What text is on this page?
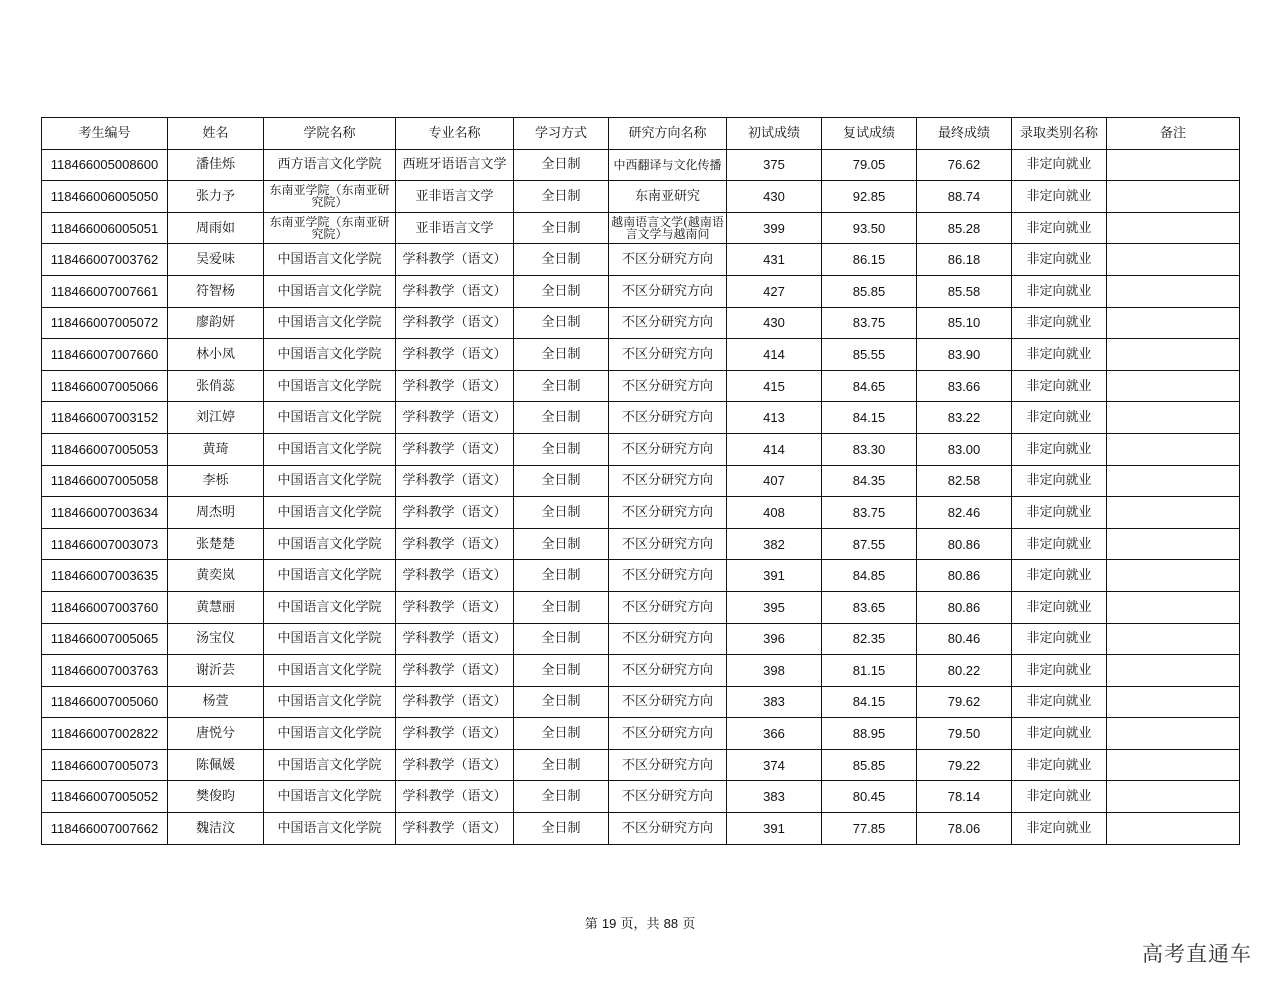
考生编号	姓名	学院名称	专业名称	学习方式	研究方向名称	初试成绩	复试成绩	最终成绩	录取类别名称	备注
118466005008600	潘佳烁	西方语言文化学院	西班牙语语言文学	全日制	中西翻译与文化传播	375	79.05	76.62	非定向就业	
118466006005050	张力予	东南亚学院（东南亚研究院）	亚非语言文学	全日制	东南亚研究	430	92.85	88.74	非定向就业	
118466006005051	周雨如	东南亚学院（东南亚研究院）	亚非语言文学	全日制	越南语言文学(越南语言文学与越南问	399	93.50	85.28	非定向就业	
118466007003762	吴爱味	中国语言文化学院	学科教学（语文）	全日制	不区分研究方向	431	86.15	86.18	非定向就业	
118466007007661	符智杨	中国语言文化学院	学科教学（语文）	全日制	不区分研究方向	427	85.85	85.58	非定向就业	
118466007005072	廖韵妍	中国语言文化学院	学科教学（语文）	全日制	不区分研究方向	430	83.75	85.10	非定向就业	
118466007007660	林小凤	中国语言文化学院	学科教学（语文）	全日制	不区分研究方向	414	85.55	83.90	非定向就业	
118466007005066	张俏蕊	中国语言文化学院	学科教学（语文）	全日制	不区分研究方向	415	84.65	83.66	非定向就业	
118466007003152	刘江婷	中国语言文化学院	学科教学（语文）	全日制	不区分研究方向	413	84.15	83.22	非定向就业	
118466007005053	黄琦	中国语言文化学院	学科教学（语文）	全日制	不区分研究方向	414	83.30	83.00	非定向就业	
118466007005058	李栎	中国语言文化学院	学科教学（语文）	全日制	不区分研究方向	407	84.35	82.58	非定向就业	
118466007003634	周杰明	中国语言文化学院	学科教学（语文）	全日制	不区分研究方向	408	83.75	82.46	非定向就业	
118466007003073	张楚楚	中国语言文化学院	学科教学（语文）	全日制	不区分研究方向	382	87.55	80.86	非定向就业	
118466007003635	黄奕岚	中国语言文化学院	学科教学（语文）	全日制	不区分研究方向	391	84.85	80.86	非定向就业	
118466007003760	黄慧丽	中国语言文化学院	学科教学（语文）	全日制	不区分研究方向	395	83.65	80.86	非定向就业	
118466007005065	汤宝仪	中国语言文化学院	学科教学（语文）	全日制	不区分研究方向	396	82.35	80.46	非定向就业	
118466007003763	谢沂芸	中国语言文化学院	学科教学（语文）	全日制	不区分研究方向	398	81.15	80.22	非定向就业	
118466007005060	杨萱	中国语言文化学院	学科教学（语文）	全日制	不区分研究方向	383	84.15	79.62	非定向就业	
118466007002822	唐悦兮	中国语言文化学院	学科教学（语文）	全日制	不区分研究方向	366	88.95	79.50	非定向就业	
118466007005073	陈佩媛	中国语言文化学院	学科教学（语文）	全日制	不区分研究方向	374	85.85	79.22	非定向就业	
118466007005052	樊俊昀	中国语言文化学院	学科教学（语文）	全日制	不区分研究方向	383	80.45	78.14	非定向就业	
118466007007662	魏洁汶	中国语言文化学院	学科教学（语文）	全日制	不区分研究方向	391	77.85	78.06	非定向就业	
第 19 页，共 88 页
高考直通车
